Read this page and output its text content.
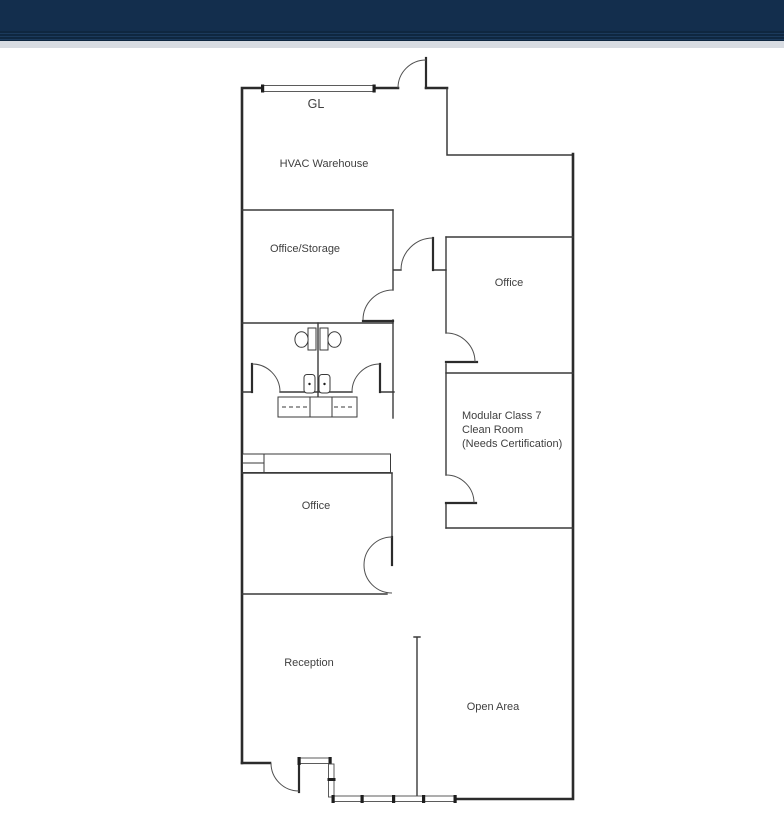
GL
HVAC Warehouse
Office/Storage
Office
Modular Class 7
Clean Room
(Needs Certification)
Office
Reception
Open Area
